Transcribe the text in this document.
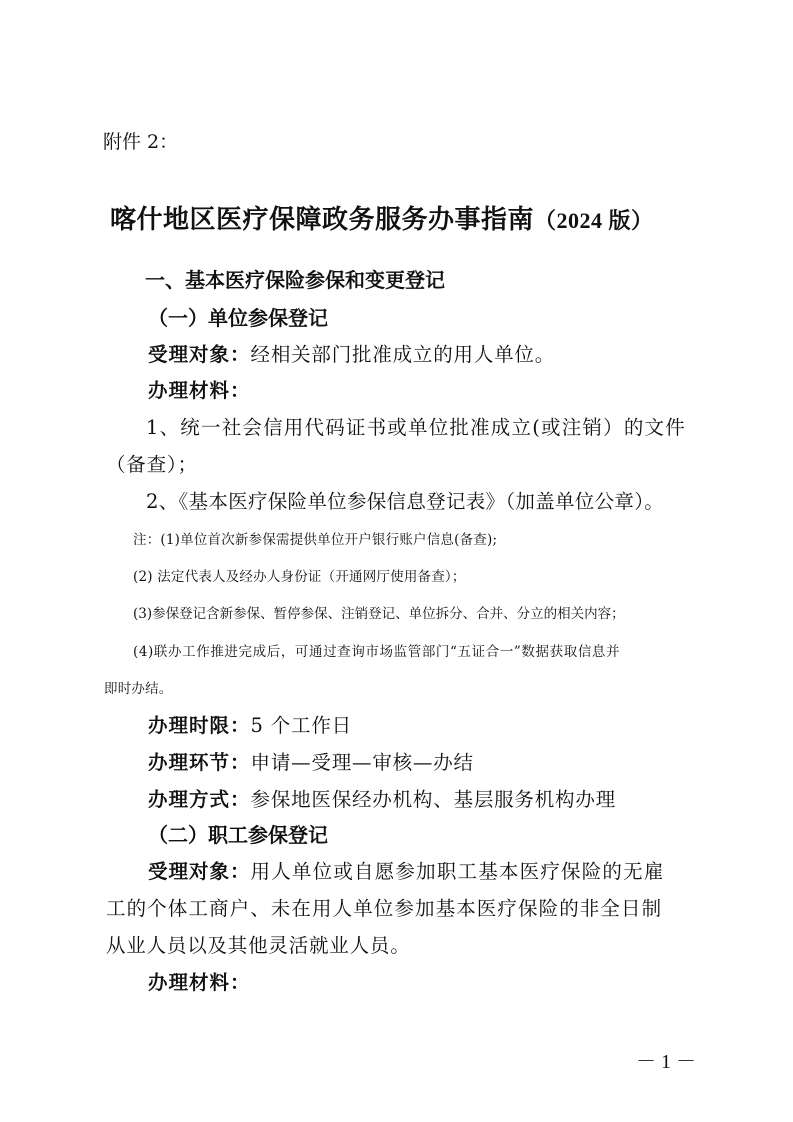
附件 2：
喀什地区医疗保障政务服务办事指南（2024 版）
一、基本医疗保险参保和变更登记
（一）单位参保登记
受理对象：经相关部门批准成立的用人单位。
办理材料：
1、统一社会信用代码证书或单位批准成立(或注销）的文件
（备查）；
2、《基本医疗保险单位参保信息登记表》（加盖单位公章）。
注：(1)单位首次新参保需提供单位开户银行账户信息(备查);
(2) 法定代表人及经办人身份证（开通网厅使用备查）；
(3)参保登记含新参保、暂停参保、注销登记、单位拆分、合并、分立的相关内容；
(4)联办工作推进完成后，可通过查询市场监管部门“五证合一”数据获取信息并
即时办结。
办理时限：5 个工作日
办理环节：申请—受理—审核—办结
办理方式：参保地医保经办机构、基层服务机构办理
（二）职工参保登记
受理对象：用人单位或自愿参加职工基本医疗保险的无雇
工的个体工商户、未在用人单位参加基本医疗保险的非全日制
从业人员以及其他灵活就业人员。
办理材料：
－ 1 －
